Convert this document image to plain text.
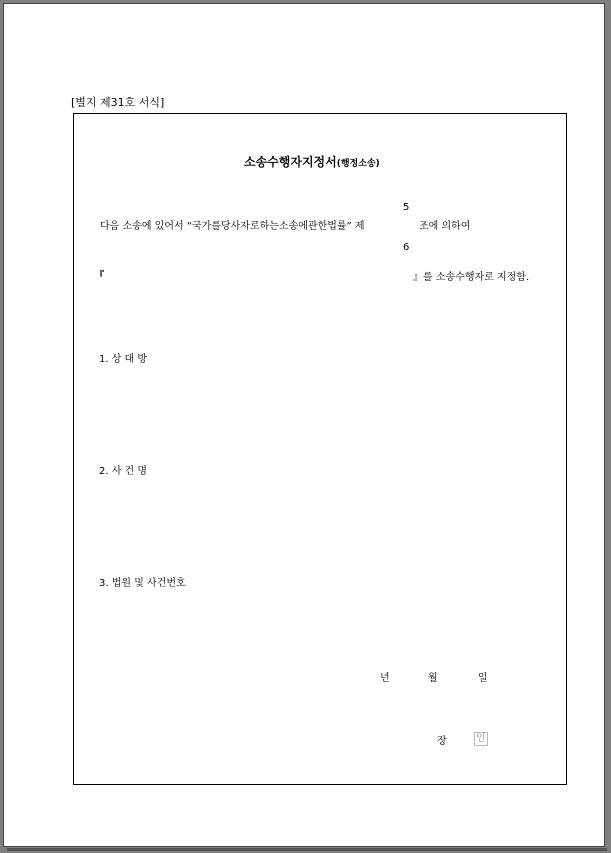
[별지 제31호 서식]
소송수행자지정서(행정소송)
5
다음 소송에 있어서 “국가를당사자로하는소송에관한법률” 제	조에 의하여
6
『	』를 소송수행자로 지정함.
1. 상 대 방
2. 사 건 명
3. 법원 및 사건번호
년	월	일
장	인
